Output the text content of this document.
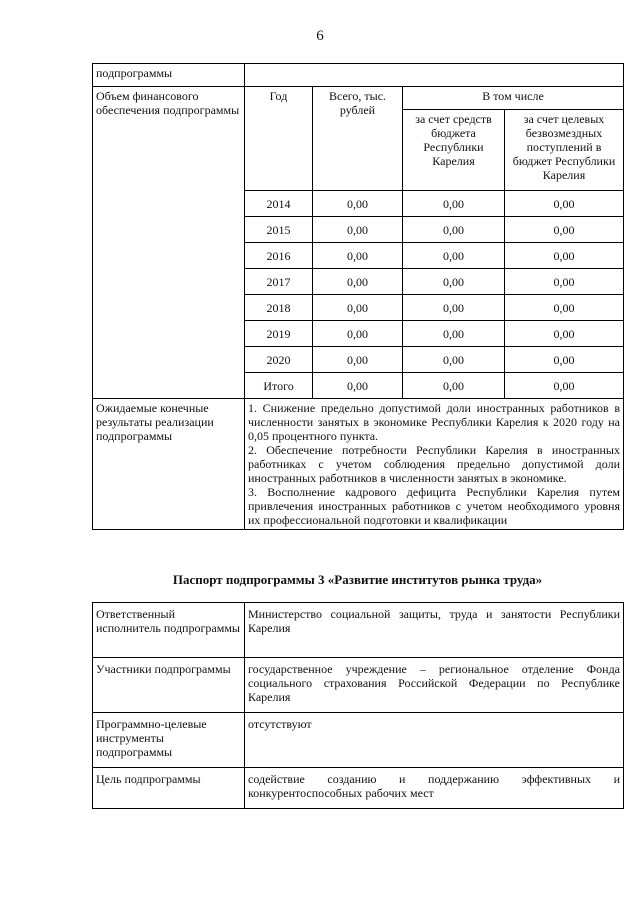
6
подпрограммы				
Объем финансового обеспечения подпрограммы	Год	Всего, тыс. рублей	В том числе	
			за счет средств бюджета Республики Карелия	за счет целевых безвозмездных поступлений в бюджет Республики Карелия
	2014	0,00	0,00	0,00
	2015	0,00	0,00	0,00
	2016	0,00	0,00	0,00
	2017	0,00	0,00	0,00
	2018	0,00	0,00	0,00
	2019	0,00	0,00	0,00
	2020	0,00	0,00	0,00
	Итого	0,00	0,00	0,00
Ожидаемые конечные результаты реализации подпрограммы	1. Снижение предельно допустимой доли иностранных работников в численности занятых в экономике Республики Карелия к 2020 году на 0,05 процентного пункта.

2. Обеспечение потребности Республики Карелия в иностранных работниках с учетом соблюдения предельно допустимой доли иностранных работников в численности занятых в экономике.

3. Восполнение кадрового дефицита Республики Карелия путем привлечения иностранных работников с учетом необходимого уровня их профессиональной подготовки и квалификации			

Паспорт подпрограммы 3 «Развитие институтов рынка труда»
Ответственный исполнитель подпрограммы	Министерство социальной защиты, труда и занятости Республики Карелия
Участники подпрограммы	государственное учреждение – региональное отделение Фонда социального страхования Российской Федерации по Республике Карелия
Программно-целевые инструменты подпрограммы	отсутствуют
Цель подпрограммы	содействие созданию и поддержанию эффективных и
конкурентоспособных рабочих мест
